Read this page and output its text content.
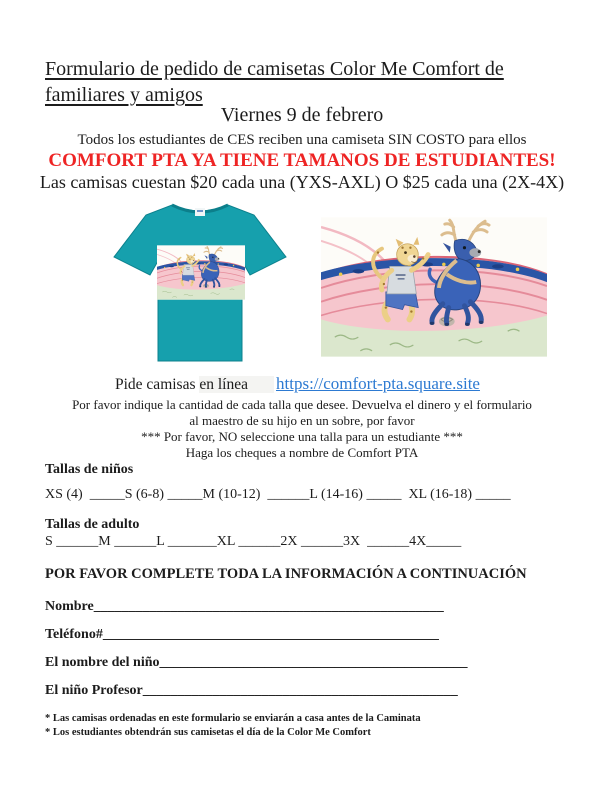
Formulario de pedido de camisetas Color Me Comfort de
familiares y amigos
Viernes 9 de febrero
Todos los estudiantes de CES reciben una camiseta SIN COSTO para ellos
COMFORT PTA YA TIENE TAMANOS DE ESTUDIANTES!
Las camisas cuestan $20 cada una (YXS-AXL) O $25 cada una (2X-4X)
Pide camisas en línea https://comfort-pta.square.site
Por favor indique la cantidad de cada talla que desee. Devuelva el dinero y el formulario
al maestro de su hijo en un sobre, por favor
*** Por favor, NO seleccione una talla para un estudiante ***
Haga los cheques a nombre de Comfort PTA
Tallas de niños
XS (4)  _____S (6-8) _____M (10-12)  ______L (14-16) _____  XL (16-18) _____
Tallas de adulto
S ______M ______L _______XL ______2X ______3X  ______4X_____
POR FAVOR COMPLETE TODA LA INFORMACIÓN A CONTINUACIÓN
Nombre__________________________________________________
Teléfono#________________________________________________
El nombre del niño____________________________________________
El niño Profesor_____________________________________________
* Las camisas ordenadas en este formulario se enviarán a casa antes de la Caminata
* Los estudiantes obtendrán sus camisetas el día de la Color Me Comfort
